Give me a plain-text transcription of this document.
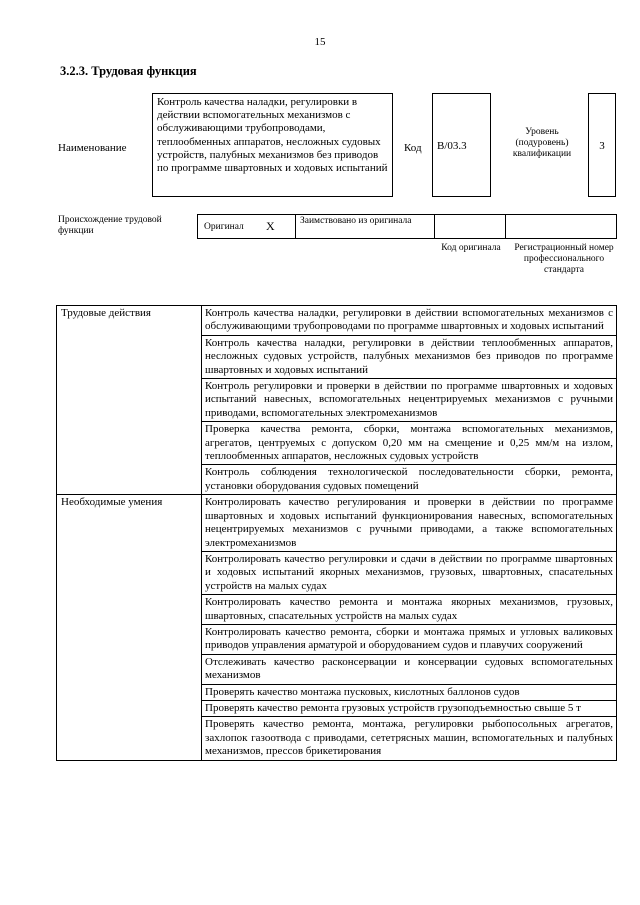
15
3.2.3. Трудовая функция
Наименование
Контроль качества наладки, регулировки в действии вспомогательных механизмов с обслуживающими трубопроводами, теплообменных аппаратов, несложных судовых устройств, палубных механизмов без приводов по программе швартовных и ходовых испытаний
Код B/03.3
Уровень (подуровень) квалификации
3
Происхождение трудовой функции	Оригинал X	Заимствовано из оригинала
Код оригинала	Регистрационный номер профессионального стандарта
Трудовые действия	Контроль качества наладки, регулировки в действии вспомогательных механизмов с обслуживающими трубопроводами по программе швартовных и ходовых испытаний
	Контроль качества наладки, регулировки в действии теплообменных аппаратов, несложных судовых устройств, палубных механизмов без приводов по программе швартовных и ходовых испытаний
	Контроль регулировки и проверки в действии по программе швартовных и ходовых испытаний навесных, вспомогательных нецентрируемых механизмов с ручными приводами, вспомогательных электромеханизмов
	Проверка качества ремонта, сборки, монтажа вспомогательных механизмов, агрегатов, центруемых с допуском 0,20 мм на смещение и 0,25 мм/м на излом, теплообменных аппаратов, несложных судовых устройств
	Контроль соблюдения технологической последовательности сборки, ремонта, установки оборудования судовых помещений
Необходимые умения	Контролировать качество регулирования и проверки в действии по программе швартовных и ходовых испытаний функционирования навесных, вспомогательных нецентрируемых механизмов с ручными приводами, а также вспомогательных электромеханизмов
	Контролировать качество регулировки и сдачи в действии по программе швартовных и ходовых испытаний якорных механизмов, грузовых, швартовных, спасательных устройств на малых судах
	Контролировать качество ремонта и монтажа якорных механизмов, грузовых, швартовных, спасательных устройств на малых судах
	Контролировать качество ремонта, сборки и монтажа прямых и угловых валиковых приводов управления арматурой и оборудованием судов и плавучих сооружений
	Отслеживать качество расконсервации и консервации судовых вспомогательных механизмов
	Проверять качество монтажа пусковых, кислотных баллонов судов
	Проверять качество ремонта грузовых устройств грузоподъемностью свыше 5 т
	Проверять качество ремонта, монтажа, регулировки рыбопосольных агрегатов, захлопок газоотвода с приводами, сететрясных машин, вспомогательных и палубных механизмов, прессов брикетирования
